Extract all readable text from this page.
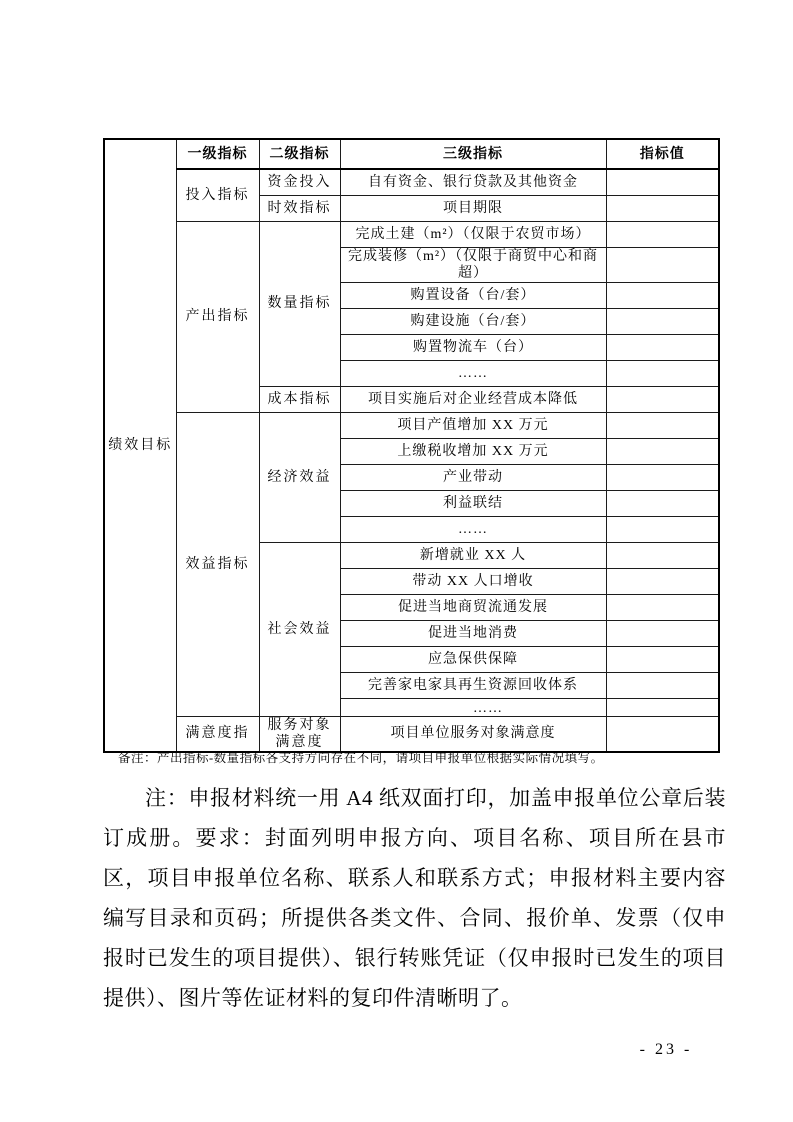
绩效目标	一级指标	二级指标	三级指标	指标值
	投入指标	资金投入	自有资金、银行贷款及其他资金	
		时效指标	项目期限	
	产出指标	数量指标	完成土建（m²）（仅限于农贸市场）	
			完成装修（m²）（仅限于商贸中心和商超）	
			购置设备（台/套）	
			购建设施（台/套）	
			购置物流车（台）	
			……	
		成本指标	项目实施后对企业经营成本降低	
	效益指标	经济效益	项目产值增加 XX 万元	
			上缴税收增加 XX 万元	
			产业带动	
			利益联结	
			……	
		社会效益	新增就业 XX 人	
			带动 XX 人口增收	
			促进当地商贸流通发展	
			促进当地消费	
			应急保供保障	
			完善家电家具再生资源回收体系	
			……	
	满意度指	服务对象满意度	项目单位服务对象满意度	
备注：产出指标-数量指标各支持方向存在不同，请项目申报单位根据实际情况填写。
注：申报材料统一用 A4 纸双面打印，加盖申报单位公章后装订成册。要求：封面列明申报方向、项目名称、项目所在县市区，项目申报单位名称、联系人和联系方式；申报材料主要内容编写目录和页码；所提供各类文件、合同、报价单、发票（仅申报时已发生的项目提供）、银行转账凭证（仅申报时已发生的项目提供）、图片等佐证材料的复印件清晰明了。
- 23 -
